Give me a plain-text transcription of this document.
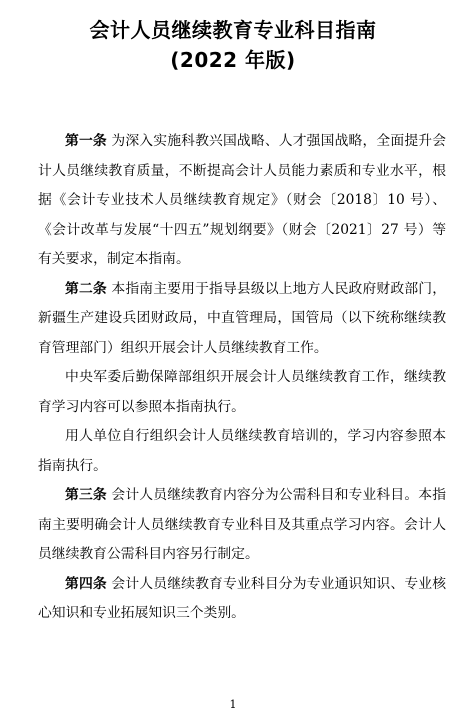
会计人员继续教育专业科目指南
(2022 年版)

第一条 为深入实施科教兴国战略、人才强国战略，全面提升会计人员继续教育质量，不断提高会计人员能力素质和专业水平，根据《会计专业技术人员继续教育规定》（财会〔2018〕10 号）、《会计改革与发展“十四五”规划纲要》（财会〔2021〕27 号）等有关要求，制定本指南。

第二条 本指南主要用于指导县级以上地方人民政府财政部门，新疆生产建设兵团财政局，中直管理局，国管局（以下统称继续教育管理部门）组织开展会计人员继续教育工作。

中央军委后勤保障部组织开展会计人员继续教育工作，继续教育学习内容可以参照本指南执行。

用人单位自行组织会计人员继续教育培训的，学习内容参照本指南执行。

第三条 会计人员继续教育内容分为公需科目和专业科目。本指南主要明确会计人员继续教育专业科目及其重点学习内容。会计人员继续教育公需科目内容另行制定。

第四条 会计人员继续教育专业科目分为专业通识知识、专业核心知识和专业拓展知识三个类别。

1
